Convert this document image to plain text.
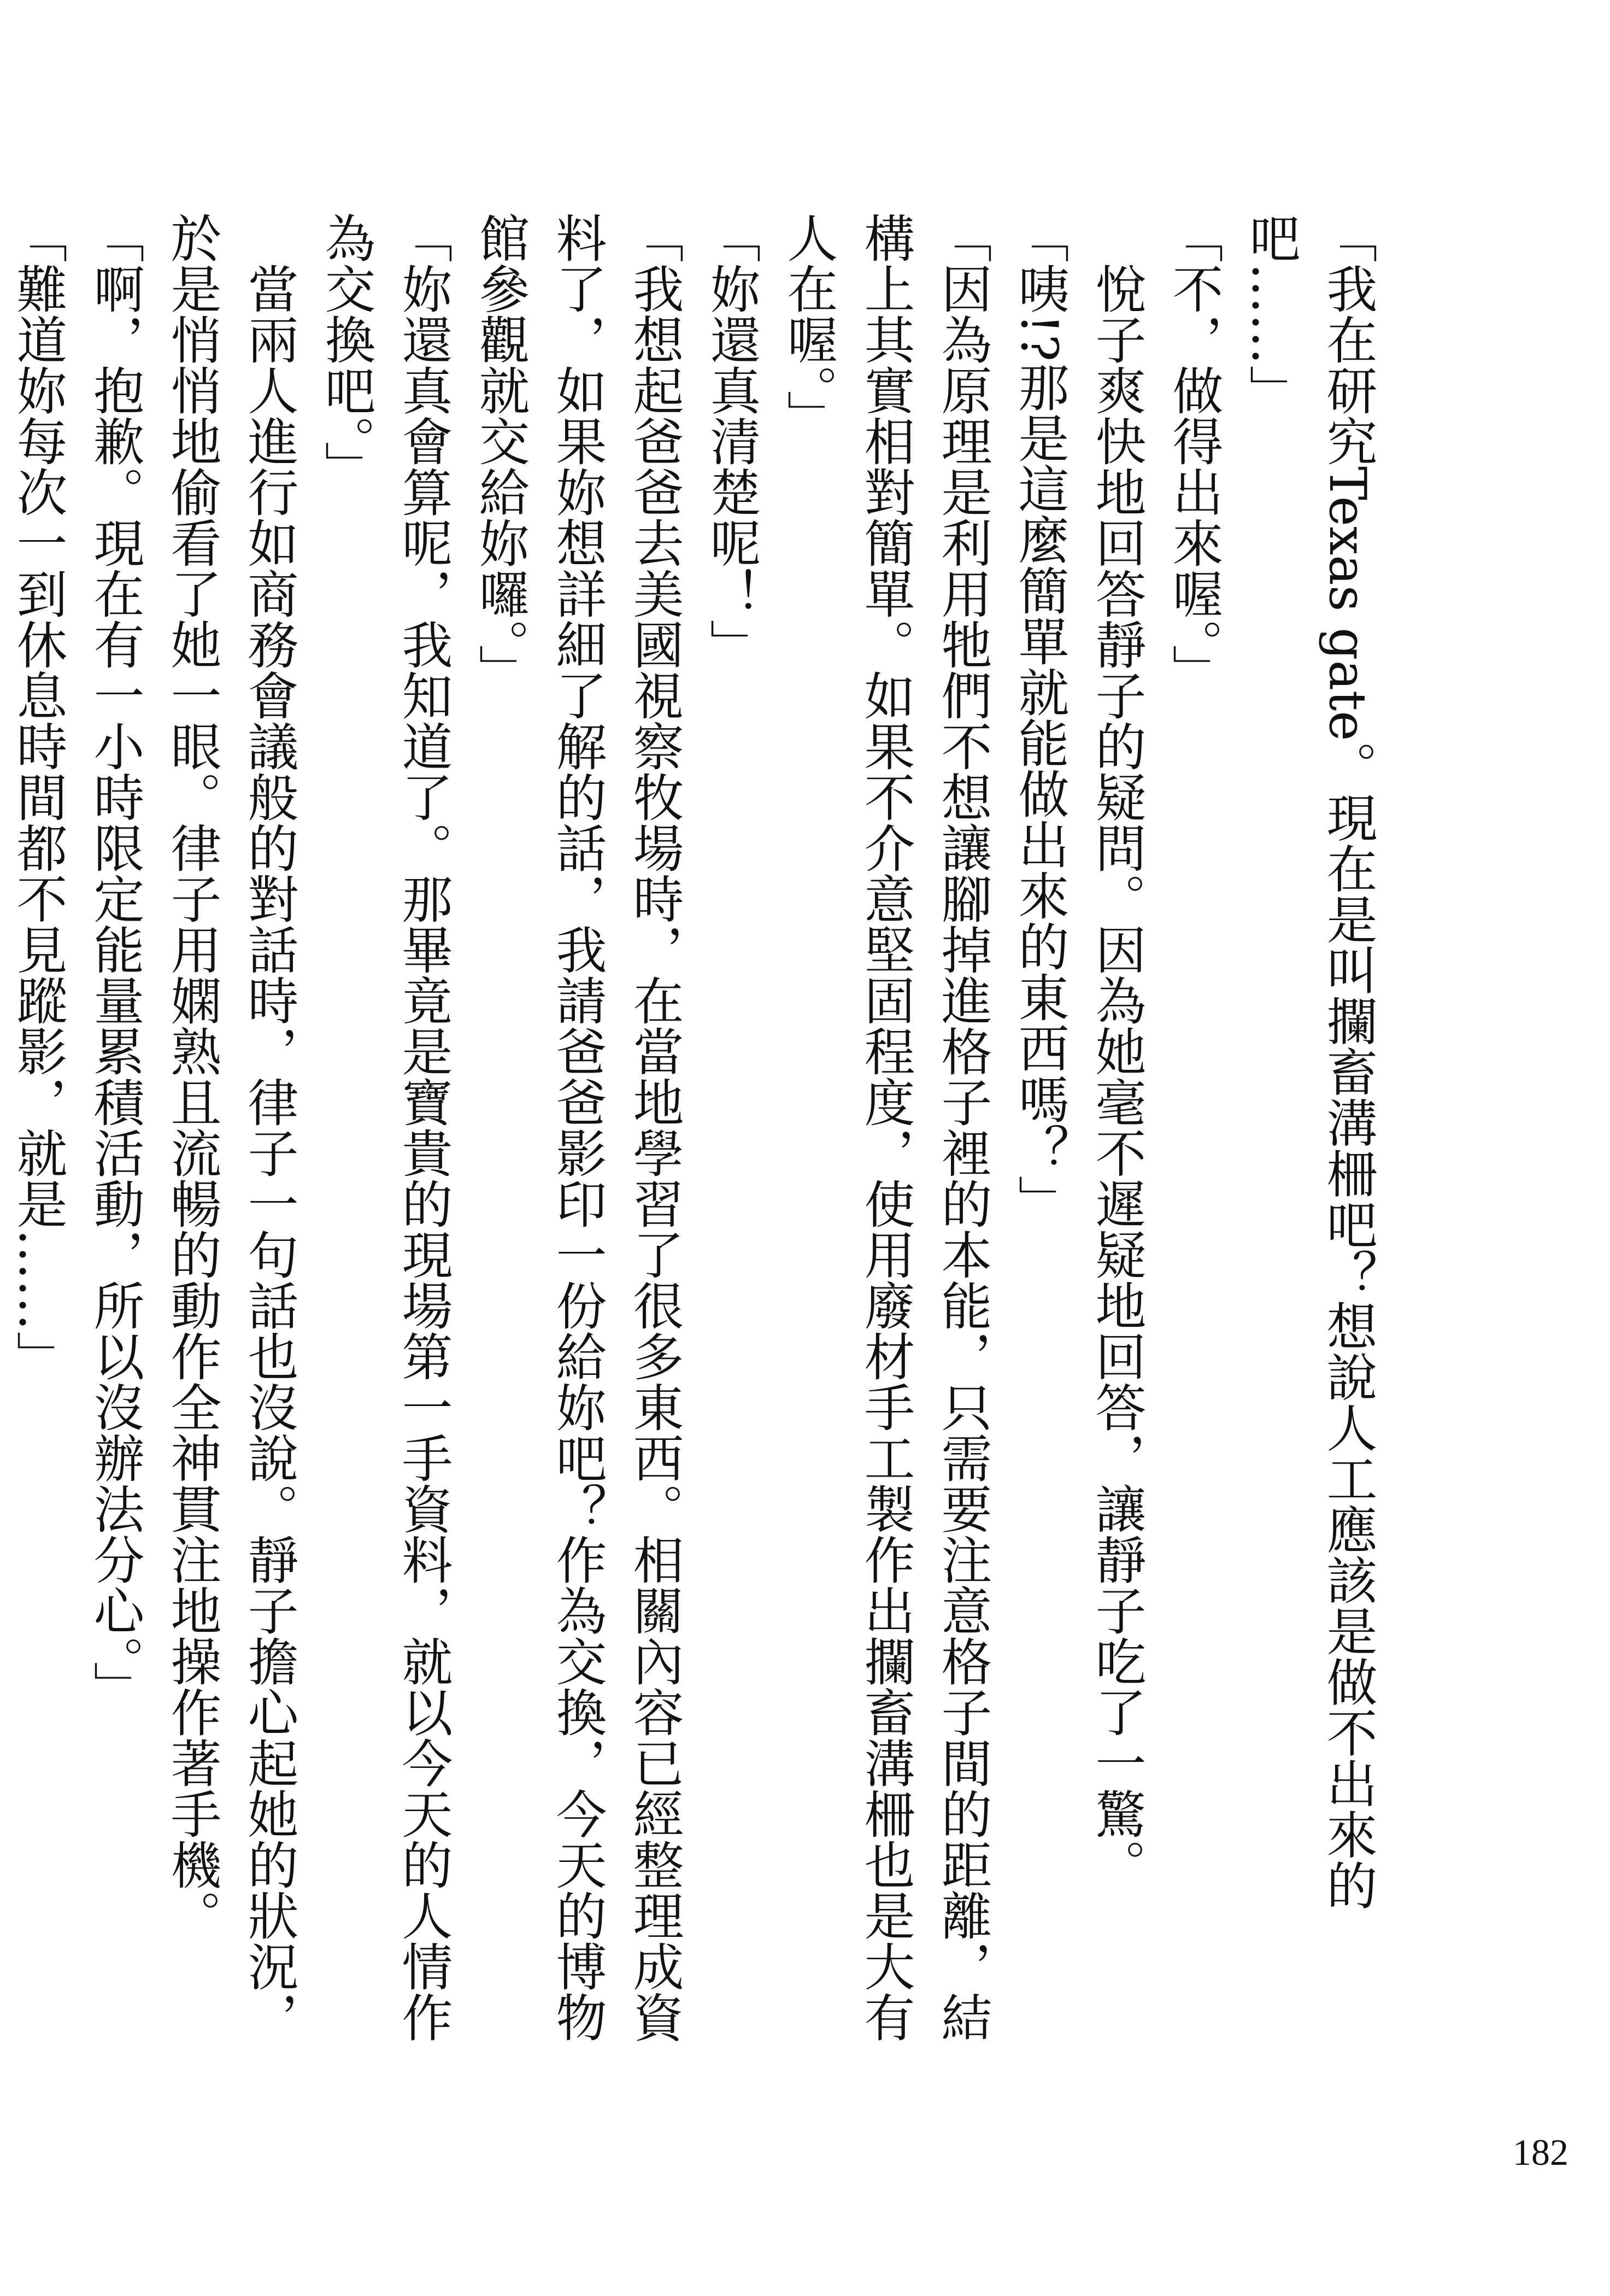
「我在研究Texas gate。現在是叫攔畜溝柵吧？想說人工應該是做不出來的吧……」

「不，做得出來喔。」

悅子爽快地回答靜子的疑問。因為她毫不遲疑地回答，讓靜子吃了一驚。

「咦!?那是這麼簡單就能做出來的東西嗎？」

「因為原理是利用牠們不想讓腳掉進格子裡的本能，只需要注意格子間的距離，結構上其實相對簡單。如果不介意堅固程度，使用廢材手工製作出攔畜溝柵也是大有人在喔。」

「妳還真清楚呢！」

「我想起爸爸去美國視察牧場時，在當地學習了很多東西。相關內容已經整理成資料了，如果妳想詳細了解的話，我請爸爸影印一份給妳吧？作為交換，今天的博物館參觀就交給妳囉。」

「妳還真會算呢，我知道了。那畢竟是寶貴的現場第一手資料，就以今天的人情作為交換吧。」

當兩人進行如商務會議般的對話時，律子一句話也沒說。靜子擔心起她的狀況，於是悄悄地偷看了她一眼。律子用嫻熟且流暢的動作全神貫注地操作著手機。

「啊，抱歉。現在有一小時限定能量累積活動，所以沒辦法分心。」

「難道妳每次一到休息時間都不見蹤影，就是……」

182
